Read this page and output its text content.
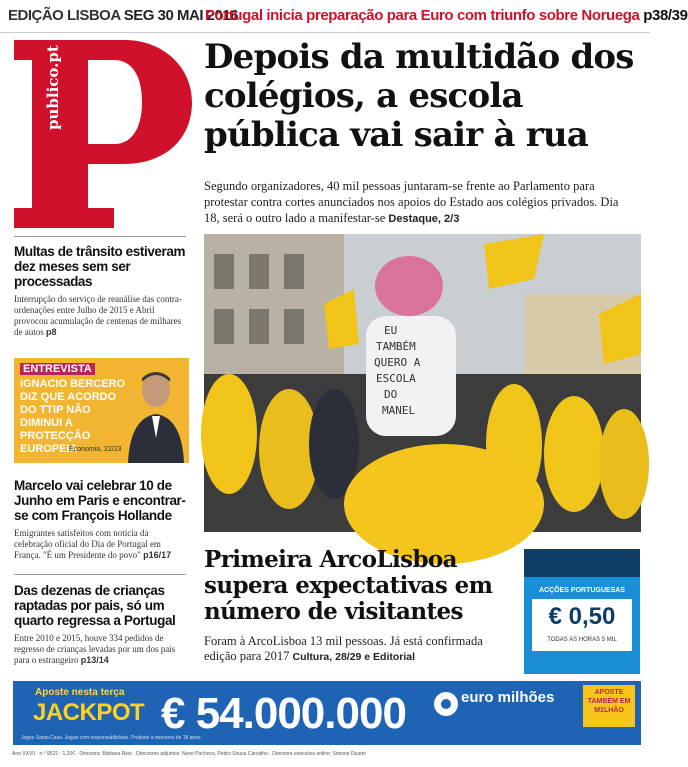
EDIÇÃO LISBOA SEG 30 MAI 2016
Portugal inicia preparação para Euro com triunfo sobre Noruega p38/39
publico.pt	Depois da multidão dos colégios, a escola pública vai sair à rua
Segundo organizadores, 40 mil pessoas juntaram-se frente ao Parlamento para protestar contra cortes anunciados nos apoios do Estado aos colégios privados. Dia 18, será o outro lado a manifestar-se Destaque, 2/3
EU
TAMBÉM
QUERO A
ESCOLA
DO
MANEL
Multas de trânsito estiveram dez meses sem ser processadas
Interrupção do serviço de reanálise das contra-ordenações entre Julho de 2015 e Abril provocou acumulação de centenas de milhares de autos p8
ENTREVISTA
IGNACIO BERCERO DIZ QUE ACORDO DO TTIP NÃO DIMINUI A PROTECÇÃO EUROPEIA
Economia, 22/23
Marcelo vai celebrar 10 de Junho em Paris e encontrar-se com François Hollande
Emigrantes satisfeitos com notícia da celebração oficial do Dia de Portugal em França. "É um Presidente do povo" p16/17
Das dezenas de crianças raptadas por pais, só um quarto regressa a Portugal
Entre 2010 e 2015, houve 334 pedidos de regresso de crianças levadas por um dos pais para o estrangeiro p13/14
Primeira ArcoLisboa supera expectativas em número de visitantes
Foram à ArcoLisboa 13 mil pessoas. Já está confirmada edição para 2017 Cultura, 28/29 e Editorial
ACÇÕES PORTUGUESAS
€ 0,50
TODAS AS HORAS 5 MIL
Aposte nesta terça
JACKPOT € 54.000.000	euro milhões	APOSTE TAMBÉM EM M1LHÃO
Jogos Santa Casa. Jogue com responsabilidade. Proibido a menores de 18 anos.
Ano XXVII · n.º 9522 · 1,20€ · Directora: Bárbara Reis · Directores adjuntos: Nuno Pacheco, Pedro Sousa Carvalho · Directora executiva online: Simone Duarte
